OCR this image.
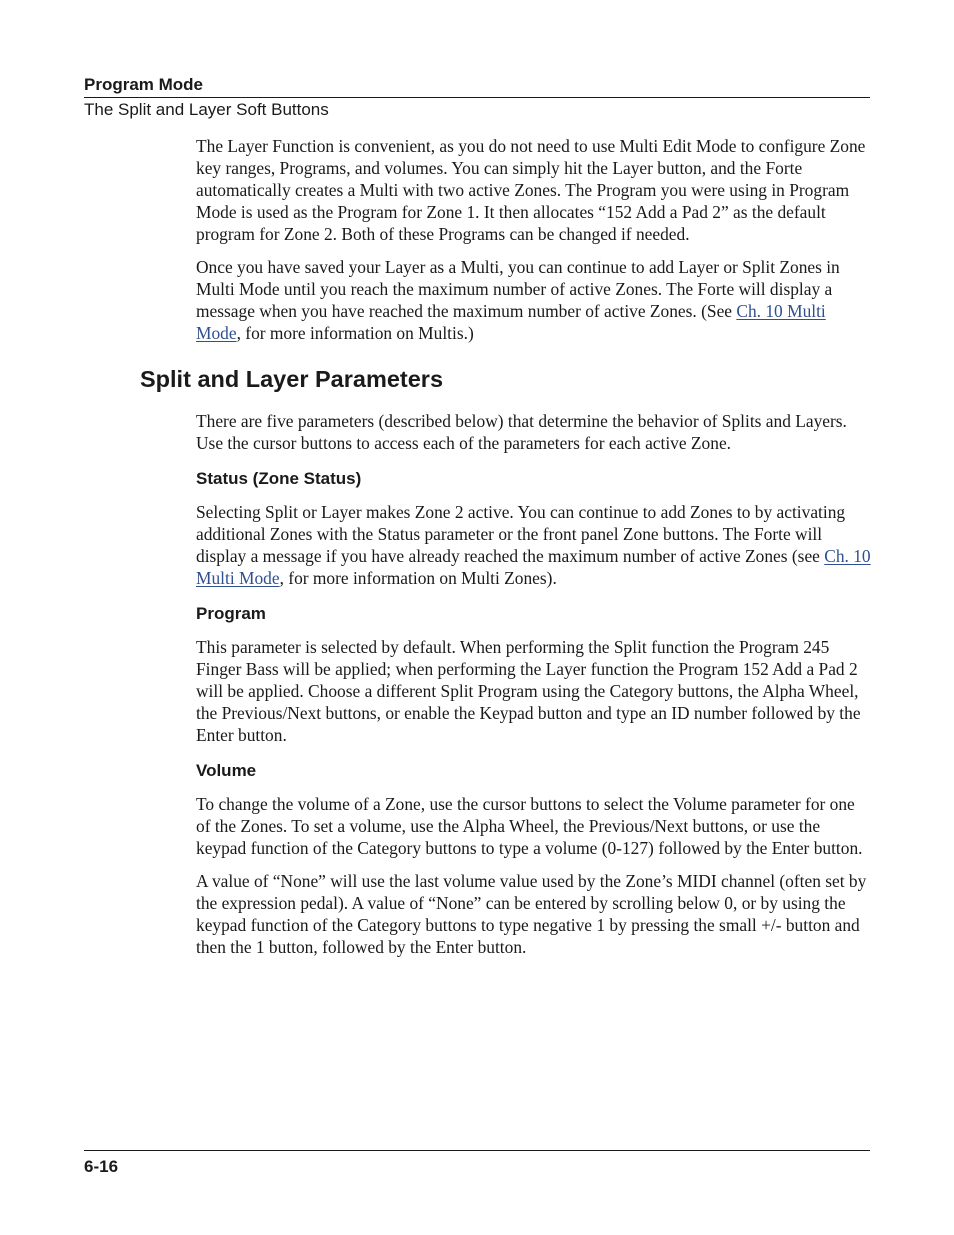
Program Mode
The Split and Layer Soft Buttons

The Layer Function is convenient, as you do not need to use Multi Edit Mode to configure Zone key ranges, Programs, and volumes. You can simply hit the Layer button, and the Forte automatically creates a Multi with two active Zones. The Program you were using in Program Mode is used as the Program for Zone 1. It then allocates “152 Add a Pad 2” as the default program for Zone 2. Both of these Programs can be changed if needed.

Once you have saved your Layer as a Multi, you can continue to add Layer or Split Zones in Multi Mode until you reach the maximum number of active Zones. The Forte will display a message when you have reached the maximum number of active Zones. (See Ch. 10 Multi Mode, for more information on Multis.)

Split and Layer Parameters

There are five parameters (described below) that determine the behavior of Splits and Layers. Use the cursor buttons to access each of the parameters for each active Zone.

Status (Zone Status)

Selecting Split or Layer makes Zone 2 active. You can continue to add Zones to by activating additional Zones with the Status parameter or the front panel Zone buttons. The Forte will display a message if you have already reached the maximum number of active Zones (see Ch. 10 Multi Mode, for more information on Multi Zones).

Program

This parameter is selected by default. When performing the Split function the Program 245 Finger Bass will be applied; when performing the Layer function the Program 152 Add a Pad 2 will be applied. Choose a different Split Program using the Category buttons, the Alpha Wheel, the Previous/Next buttons, or enable the Keypad button and type an ID number followed by the Enter button.

Volume

To change the volume of a Zone, use the cursor buttons to select the Volume parameter for one of the Zones. To set a volume, use the Alpha Wheel, the Previous/Next buttons, or use the keypad function of the Category buttons to type a volume (0-127) followed by the Enter button.

A value of “None” will use the last volume value used by the Zone’s MIDI channel (often set by the expression pedal). A value of “None” can be entered by scrolling below 0, or by using the keypad function of the Category buttons to type negative 1 by pressing the small +/- button and then the 1 button, followed by the Enter button.

6-16
